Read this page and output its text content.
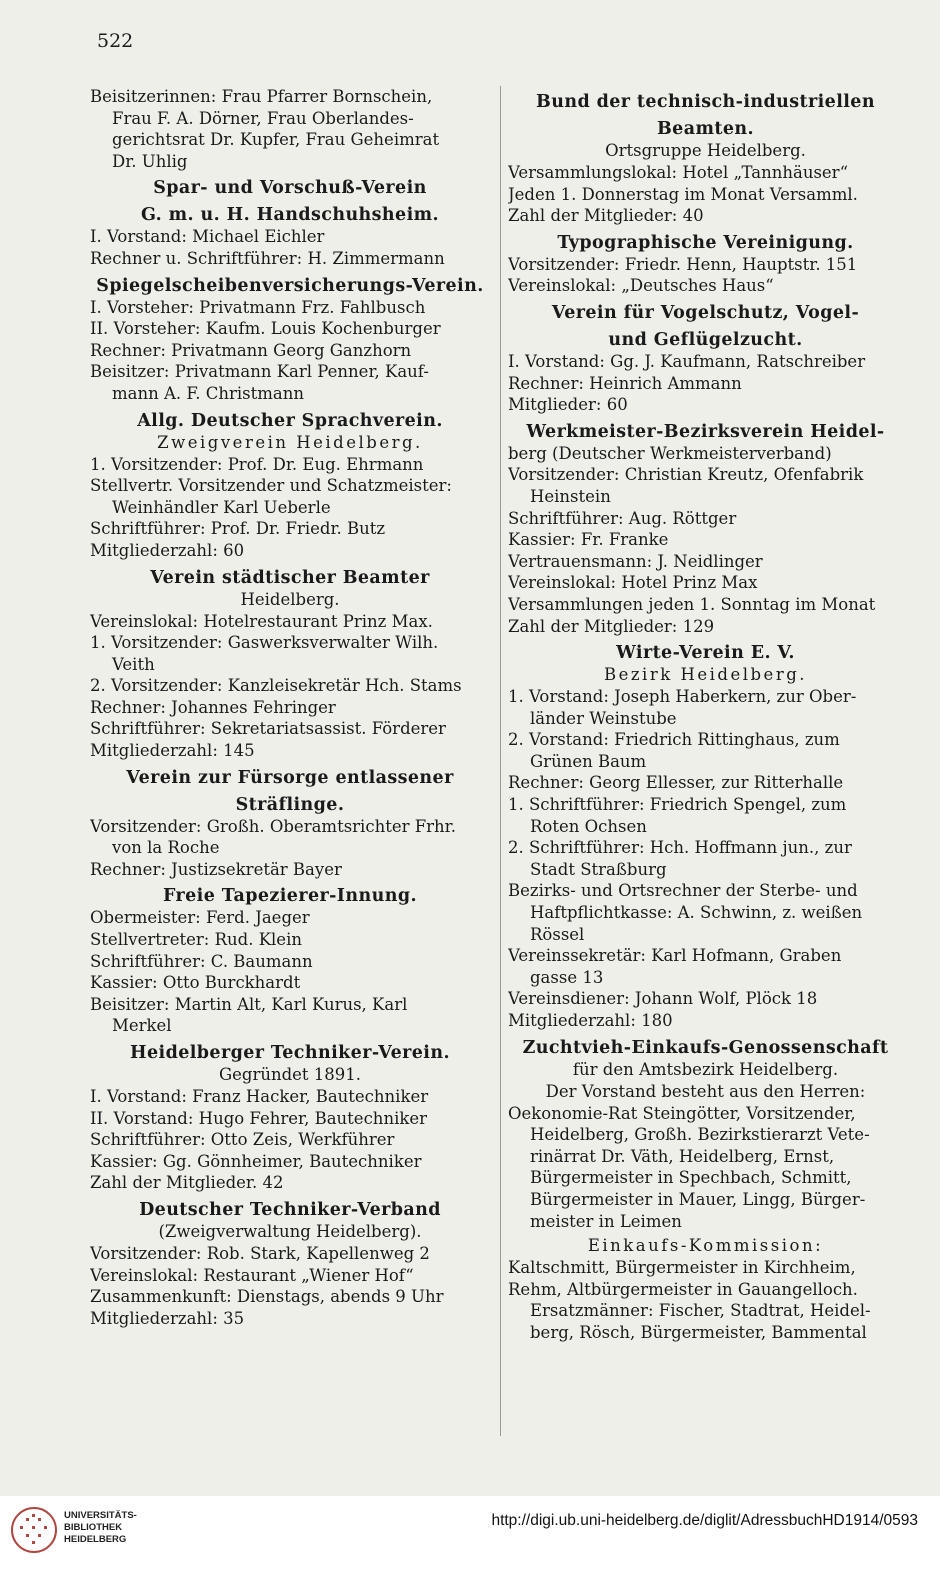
522
Beisitzerinnen: Frau Pfarrer Bornschein,
Frau F. A. Dörner, Frau Oberlandes-
gerichtsrat Dr. Kupfer, Frau Geheimrat
Dr. Uhlig
Spar- und Vorschuß-Verein
G. m. u. H. Handschuhsheim.
I. Vorstand: Michael Eichler
Rechner u. Schriftführer: H. Zimmermann
Spiegelscheibenversicherungs-Verein.
I. Vorsteher: Privatmann Frz. Fahlbusch
II. Vorsteher: Kaufm. Louis Kochenburger
Rechner: Privatmann Georg Ganzhorn
Beisitzer: Privatmann Karl Penner, Kauf-
mann A. F. Christmann
Allg. Deutscher Sprachverein.
Zweigverein Heidelberg.
1. Vorsitzender: Prof. Dr. Eug. Ehrmann
Stellvertr. Vorsitzender und Schatzmeister:
Weinhändler Karl Ueberle
Schriftführer: Prof. Dr. Friedr. Butz
Mitgliederzahl: 60
Verein städtischer Beamter
Heidelberg.
Vereinslokal: Hotelrestaurant Prinz Max.
1. Vorsitzender: Gaswerksverwalter Wilh.
Veith
2. Vorsitzender: Kanzleisekretär Hch. Stams
Rechner: Johannes Fehringer
Schriftführer: Sekretariatsassist. Förderer
Mitgliederzahl: 145
Verein zur Fürsorge entlassener
Sträflinge.
Vorsitzender: Großh. Oberamtsrichter Frhr.
von la Roche
Rechner: Justizsekretär Bayer
Freie Tapezierer-Innung.
Obermeister: Ferd. Jaeger
Stellvertreter: Rud. Klein
Schriftführer: C. Baumann
Kassier: Otto Burckhardt
Beisitzer: Martin Alt, Karl Kurus, Karl
Merkel
Heidelberger Techniker-Verein.
Gegründet 1891.
I. Vorstand: Franz Hacker, Bautechniker
II. Vorstand: Hugo Fehrer, Bautechniker
Schriftführer: Otto Zeis, Werkführer
Kassier: Gg. Gönnheimer, Bautechniker
Zahl der Mitglieder. 42
Deutscher Techniker-Verband
(Zweigverwaltung Heidelberg).
Vorsitzender: Rob. Stark, Kapellenweg 2
Vereinslokal: Restaurant „Wiener Hof“
Zusammenkunft: Dienstags, abends 9 Uhr
Mitgliederzahl: 35
Bund der technisch-industriellen
Beamten.
Ortsgruppe Heidelberg.
Versammlungslokal: Hotel „Tannhäuser“
Jeden 1. Donnerstag im Monat Versamml.
Zahl der Mitglieder: 40
Typographische Vereinigung.
Vorsitzender: Friedr. Henn, Hauptstr. 151
Vereinslokal: „Deutsches Haus“
Verein für Vogelschutz, Vogel-
und Geflügelzucht.
I. Vorstand: Gg. J. Kaufmann, Ratschreiber
Rechner: Heinrich Ammann
Mitglieder: 60
Werkmeister-Bezirksverein Heidel-
berg (Deutscher Werkmeisterverband)
Vorsitzender: Christian Kreutz, Ofenfabrik
Heinstein
Schriftführer: Aug. Röttger
Kassier: Fr. Franke
Vertrauensmann: J. Neidlinger
Vereinslokal: Hotel Prinz Max
Versammlungen jeden 1. Sonntag im Monat
Zahl der Mitglieder: 129
Wirte-Verein E. V.
Bezirk Heidelberg.
1. Vorstand: Joseph Haberkern, zur Ober-
länder Weinstube
2. Vorstand: Friedrich Rittinghaus, zum
Grünen Baum
Rechner: Georg Ellesser, zur Ritterhalle
1. Schriftführer: Friedrich Spengel, zum
Roten Ochsen
2. Schriftführer: Hch. Hoffmann jun., zur
Stadt Straßburg
Bezirks- und Ortsrechner der Sterbe- und
Haftpflichtkasse: A. Schwinn, z. weißen
Rössel
Vereinssekretär: Karl Hofmann, Graben
gasse 13
Vereinsdiener: Johann Wolf, Plöck 18
Mitgliederzahl: 180
Zuchtvieh-Einkaufs-Genossenschaft
für den Amtsbezirk Heidelberg.
Der Vorstand besteht aus den Herren:
Oekonomie-Rat Steingötter, Vorsitzender,
Heidelberg, Großh. Bezirkstierarzt Vete-
rinärrat Dr. Väth, Heidelberg, Ernst,
Bürgermeister in Spechbach, Schmitt,
Bürgermeister in Mauer, Lingg, Bürger-
meister in Leimen
Einkaufs-Kommission:
Kaltschmitt, Bürgermeister in Kirchheim,
Rehm, Altbürgermeister in Gauangelloch.
Ersatzmänner: Fischer, Stadtrat, Heidel-
berg, Rösch, Bürgermeister, Bammental
UNIVERSITÄTS-
BIBLIOTHEK
HEIDELBERG
http://digi.ub.uni-heidelberg.de/diglit/AdressbuchHD1914/0593
